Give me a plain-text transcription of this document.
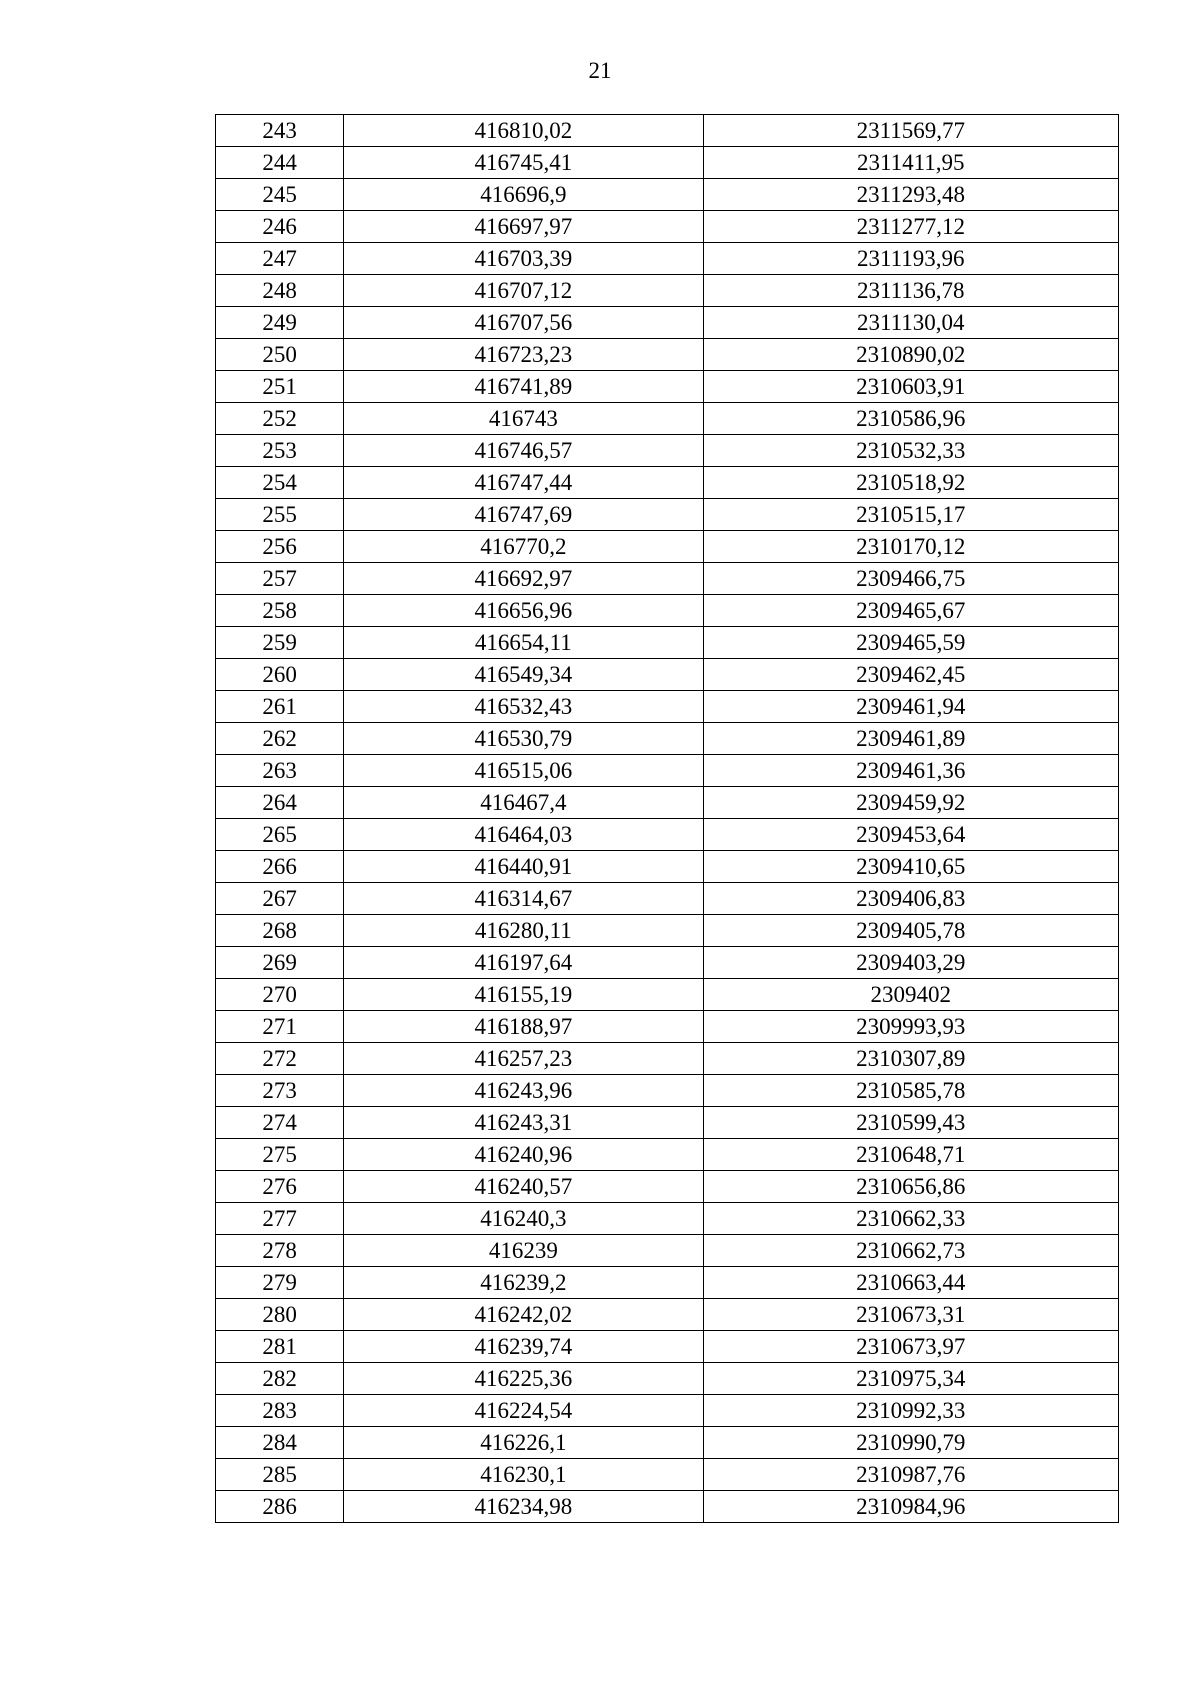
21
243	416810,02	2311569,77
244	416745,41	2311411,95
245	416696,9	2311293,48
246	416697,97	2311277,12
247	416703,39	2311193,96
248	416707,12	2311136,78
249	416707,56	2311130,04
250	416723,23	2310890,02
251	416741,89	2310603,91
252	416743	2310586,96
253	416746,57	2310532,33
254	416747,44	2310518,92
255	416747,69	2310515,17
256	416770,2	2310170,12
257	416692,97	2309466,75
258	416656,96	2309465,67
259	416654,11	2309465,59
260	416549,34	2309462,45
261	416532,43	2309461,94
262	416530,79	2309461,89
263	416515,06	2309461,36
264	416467,4	2309459,92
265	416464,03	2309453,64
266	416440,91	2309410,65
267	416314,67	2309406,83
268	416280,11	2309405,78
269	416197,64	2309403,29
270	416155,19	2309402
271	416188,97	2309993,93
272	416257,23	2310307,89
273	416243,96	2310585,78
274	416243,31	2310599,43
275	416240,96	2310648,71
276	416240,57	2310656,86
277	416240,3	2310662,33
278	416239	2310662,73
279	416239,2	2310663,44
280	416242,02	2310673,31
281	416239,74	2310673,97
282	416225,36	2310975,34
283	416224,54	2310992,33
284	416226,1	2310990,79
285	416230,1	2310987,76
286	416234,98	2310984,96
